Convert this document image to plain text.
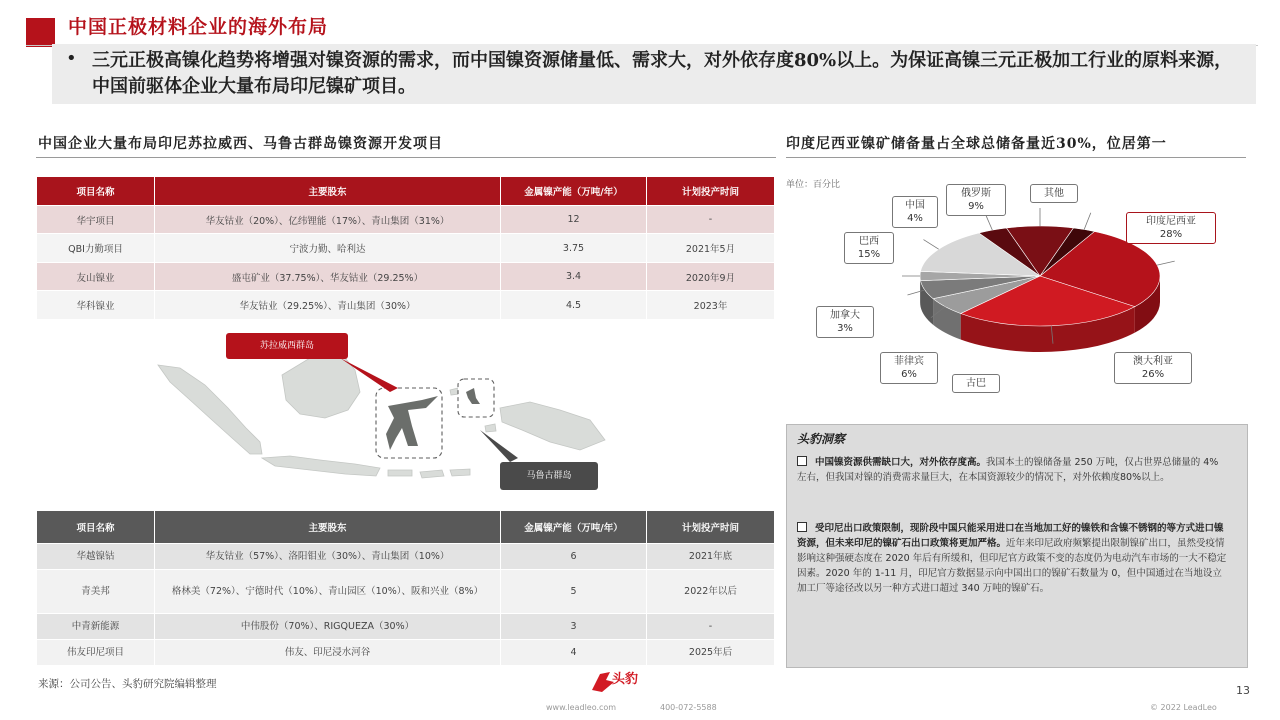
中国正极材料企业的海外布局
• 三元正极高镍化趋势将增强对镍资源的需求，而中国镍资源储量低、需求大，对外依存度80%以上。为保证高镍三元正极加工行业的原料来源，中国前驱体企业大量布局印尼镍矿项目。
中国企业大量布局印尼苏拉威西、马鲁古群岛镍资源开发项目
项目名称	主要股东	金属镍产能（万吨/年）	计划投产时间
华宇项目	华友钴业（20%）、亿纬锂能（17%）、青山集团（31%）	12	-
QBI力勤项目	宁波力勤、哈利达	3.75	2021年5月
友山镍业	盛屯矿业（37.75%）、华友钴业（29.25%）	3.4	2020年9月
华科镍业	华友钴业（29.25%）、青山集团（30%）	4.5	2023年
苏拉威西群岛
马鲁古群岛
项目名称	主要股东	金属镍产能（万吨/年）	计划投产时间
华越镍钴	华友钴业（57%）、洛阳钼业（30%）、青山集团（10%）	6	2021年底
青美邦	格林美（72%）、宁德时代（10%）、青山园区（10%）、阪和兴业（8%）	5	2022年以后
中青新能源	中伟股份（70%）、RIGQUEZA（30%）	3	-
伟友印尼项目	伟友、印尼浸水河谷	4	2025年后
印度尼西亚镍矿储备量占全球总储备量近30%，位居第一
单位：百分比
印度尼西亚
28%
澳大利亚
26%
古巴
菲律宾
6%
加拿大
3%
巴西
15%
中国
4%
俄罗斯
9%
其他
头豹洞察
中国镍资源供需缺口大，对外依存度高。我国本土的镍储备量 250 万吨，仅占世界总储量的 4% 左右，但我国对镍的消费需求量巨大，在本国资源较少的情况下，对外依赖度80%以上。
受印尼出口政策限制，现阶段中国只能采用进口在当地加工好的镍铁和含镍不锈钢的等方式进口镍资源，但未来印尼的镍矿石出口政策将更加严格。近年来印尼政府频繁提出限制镍矿出口，虽然受疫情影响这种强硬态度在 2020 年后有所缓和，但印尼官方政策不变的态度仍为电动汽车市场的一大不稳定因素。2020 年的 1-11 月，印尼官方数据显示向中国出口的镍矿石数量为 0，但中国通过在当地设立加工厂等途径改以另一种方式进口超过 340 万吨的镍矿石。
来源：公司公告、头豹研究院编辑整理	头豹
www.leadleo.com	400-072-5588	© 2022 LeadLeo
13
